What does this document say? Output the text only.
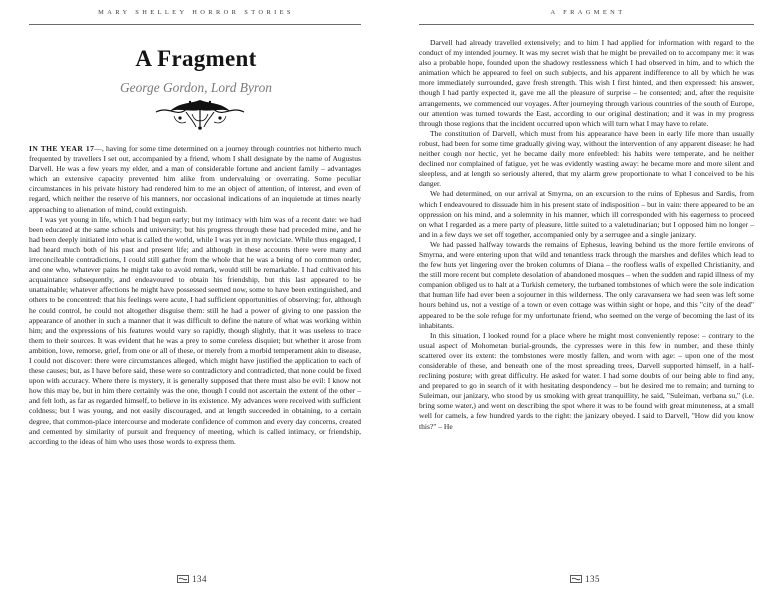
MARY SHELLEY HORROR STORIES
A Fragment
George Gordon, Lord Byron

IN THE YEAR 17—, having for some time determined on a journey through countries not hitherto much frequented by travellers I set out, accompanied by a friend, whom I shall designate by the name of Augustus Darvell. He was a few years my elder, and a man of considerable fortune and ancient family – advantages which an extensive capacity prevented him alike from undervaluing or overrating. Some peculiar circumstances in his private history had rendered him to me an object of attention, of interest, and even of regard, which neither the reserve of his manners, nor occasional indications of an inquietude at times nearly approaching to alienation of mind, could extinguish.

I was yet young in life, which I had begun early; but my intimacy with him was of a recent date: we had been educated at the same schools and university; but his progress through these had preceded mine, and he had been deeply initiated into what is called the world, while I was yet in my noviciate. While thus engaged, I had heard much both of his past and present life; and although in these accounts there were many and irreconcileable contradictions, I could still gather from the whole that he was a being of no common order, and one who, whatever pains he might take to avoid remark, would still be remarkable. I had cultivated his acquaintance subsequently, and endeavoured to obtain his friendship, but this last appeared to be unattainable; whatever affections he might have possessed seemed now, some to have been extinguished, and others to be concentred: that his feelings were acute, I had sufficient opportunities of observing; for, although he could control, he could not altogether disguise them: still he had a power of giving to one passion the appearance of another in such a manner that it was difficult to define the nature of what was working within him; and the expressions of his features would vary so rapidly, though slightly, that it was useless to trace them to their sources. It was evident that he was a prey to some cureless disquiet; but whether it arose from ambition, love, remorse, grief, from one or all of these, or merely from a morbid temperament akin to disease, I could not discover: there were circumstances alleged, which might have justified the application to each of these causes; but, as I have before said, these were so contradictory and contradicted, that none could be fixed upon with accuracy. Where there is mystery, it is generally supposed that there must also be evil: I know not how this may be, but in him there certainly was the one, though I could not ascertain the extent of the other – and felt loth, as far as regarded himself, to believe in its existence. My advances were received with sufficient coldness; but I was young, and not easily discouraged, and at length succeeded in obtaining, to a certain degree, that common-place intercourse and moderate confidence of common and every day concerns, created and cemented by similarity of pursuit and frequency of meeting, which is called intimacy, or friendship, according to the ideas of him who uses those words to express them.

134
A FRAGMENT

Darvell had already travelled extensively; and to him I had applied for information with regard to the conduct of my intended journey. It was my secret wish that he might be prevailed on to accompany me: it was also a probable hope, founded upon the shadowy restlessness which I had observed in him, and to which the animation which he appeared to feel on such subjects, and his apparent indifference to all by which he was more immediately surrounded, gave fresh strength. This wish I first hinted, and then expressed: his answer, though I had partly expected it, gave me all the pleasure of surprise – he consented; and, after the requisite arrangements, we commenced our voyages. After journeying through various countries of the south of Europe, our attention was turned towards the East, according to our original destination; and it was in my progress through those regions that the incident occurred upon which will turn what I may have to relate.

The constitution of Darvell, which must from his appearance have been in early life more than usually robust, had been for some time gradually giving way, without the intervention of any apparent disease: he had neither cough nor hectic, yet he became daily more enfeebled: his habits were temperate, and he neither declined nor complained of fatigue, yet he was evidently wasting away: he became more and more silent and sleepless, and at length so seriously altered, that my alarm grew proportionate to what I conceived to be his danger.

We had determined, on our arrival at Smyrna, on an excursion to the ruins of Ephesus and Sardis, from which I endeavoured to dissuade him in his present state of indisposition – but in vain: there appeared to be an oppression on his mind, and a solemnity in his manner, which ill corresponded with his eagerness to proceed on what I regarded as a mere party of pleasure, little suited to a valetudinarian; but I opposed him no longer – and in a few days we set off together, accompanied only by a serrugee and a single janizary.

We had passed halfway towards the remains of Ephesus, leaving behind us the more fertile environs of Smyrna, and were entering upon that wild and tenantless track through the marshes and defiles which lead to the few huts yet lingering over the broken columns of Diana – the roofless walls of expelled Christianity, and the still more recent but complete desolation of abandoned mosques – when the sudden and rapid illness of my companion obliged us to halt at a Turkish cemetery, the turbaned tombstones of which were the sole indication that human life had ever been a sojourner in this wilderness. The only caravansera we had seen was left some hours behind us, not a vestige of a town or even cottage was within sight or hope, and this "city of the dead" appeared to be the sole refuge for my unfortunate friend, who seemed on the verge of becoming the last of its inhabitants.

In this situation, I looked round for a place where he might most conveniently repose: – contrary to the usual aspect of Mohometan burial-grounds, the cypresses were in this few in number, and these thinly scattered over its extent: the tombstones were mostly fallen, and worn with age: – upon one of the most considerable of these, and beneath one of the most spreading trees, Darvell supported himself, in a half-reclining posture; with great difficulty. He asked for water. I had some doubts of our being able to find any, and prepared to go in search of it with hesitating despondency – but he desired me to remain; and turning to Suleiman, our janizary, who stood by us smoking with great tranquillity, he said, "Suleiman, verbana su," (i.e. bring some water,) and went on describing the spot where it was to be found with great minuteness, at a small well for camels, a few hundred yards to the right: the janizary obeyed. I said to Darvell, "How did you know this?" – He

135
